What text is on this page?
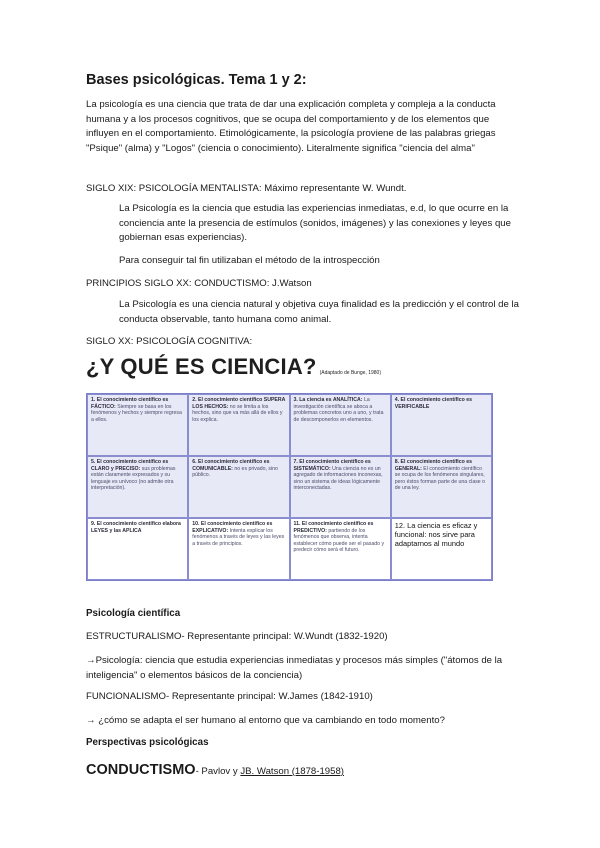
Bases psicológicas. Tema 1 y 2:
La psicología es una ciencia que trata de dar una explicación completa y compleja a la conducta humana y a los procesos cognitivos, que se ocupa del comportamiento y de los elementos que influyen en el comportamiento. Etimológicamente, la psicología proviene de las palabras griegas "Psique" (alma) y "Logos" (ciencia o conocimiento). Literalmente significa "ciencia del alma"
SIGLO XIX: PSICOLOGÍA MENTALISTA: Máximo representante W. Wundt.
La Psicología es la ciencia que estudia las experiencias inmediatas, e.d, lo que ocurre en la conciencia ante la presencia de estímulos (sonidos, imágenes) y las conexiones y leyes que gobiernan esas experiencias).
Para conseguir tal fin utilizaban el método de la introspección
PRINCIPIOS SIGLO XX: CONDUCTISMO: J.Watson
La Psicología es una ciencia natural y objetiva cuya finalidad es la predicción y el control de la conducta observable, tanto humana como animal.
SIGLO XX: PSICOLOGÍA COGNITIVA:
¿Y QUÉ ES CIENCIA? (Adaptado de Bunge, 1980)
1. El conocimiento científico es FÁCTICO: Siempre se basa en los fenómenos y hechos y siempre regresa a ellos.
2. El conocimiento científico SUPERA LOS HECHOS: no se limita a los hechos, sino que va más allá de ellos y los explica.
3. La ciencia es ANALÍTICA: La investigación científica se aboca a problemas concretos uno a uno, y trata de descomponerlos en elementos.
4. El conocimiento científico es VERIFICABLE
5. El conocimiento científico es CLARO y PRECISO: sus problemas están claramente expresados y su lenguaje es unívoco (no admite otra interpretación).
6. El conocimiento científico es COMUNICABLE: no es privado, sino público.
7. El conocimiento científico es SISTEMÁTICO: Una ciencia no es un agregado de informaciones inconexas, sino un sistema de ideas lógicamente interconectadas.
8. El conocimiento científico es GENERAL: El conocimiento científico se ocupa de los fenómenos singulares, pero éstos forman parte de una clase o de una ley.
9. El conocimiento científico elabora LEYES y las APLICA
10. El conocimiento científico es EXPLICATIVO: Intenta explicar los fenómenos a través de leyes y las leyes a través de principios.
11. El conocimiento científico es PREDICTIVO: partiendo de los fenómenos que observa, intenta establecer cómo puede ser el pasado y predecir cómo será el futuro.
12. La ciencia es eficaz y funcional: nos sirve para adaptarnos al mundo
Psicología científica
ESTRUCTURALISMO- Representante principal: W.Wundt (1832-1920)
→Psicología: ciencia que estudia experiencias inmediatas y procesos más simples ("átomos de la inteligencia" o elementos básicos de la conciencia)
FUNCIONALISMO- Representante principal: W.James (1842-1910)
→ ¿cómo se adapta el ser humano al entorno que va cambiando en todo momento?
Perspectivas psicológicas
CONDUCTISMO- Pavlov y JB. Watson (1878-1958)
